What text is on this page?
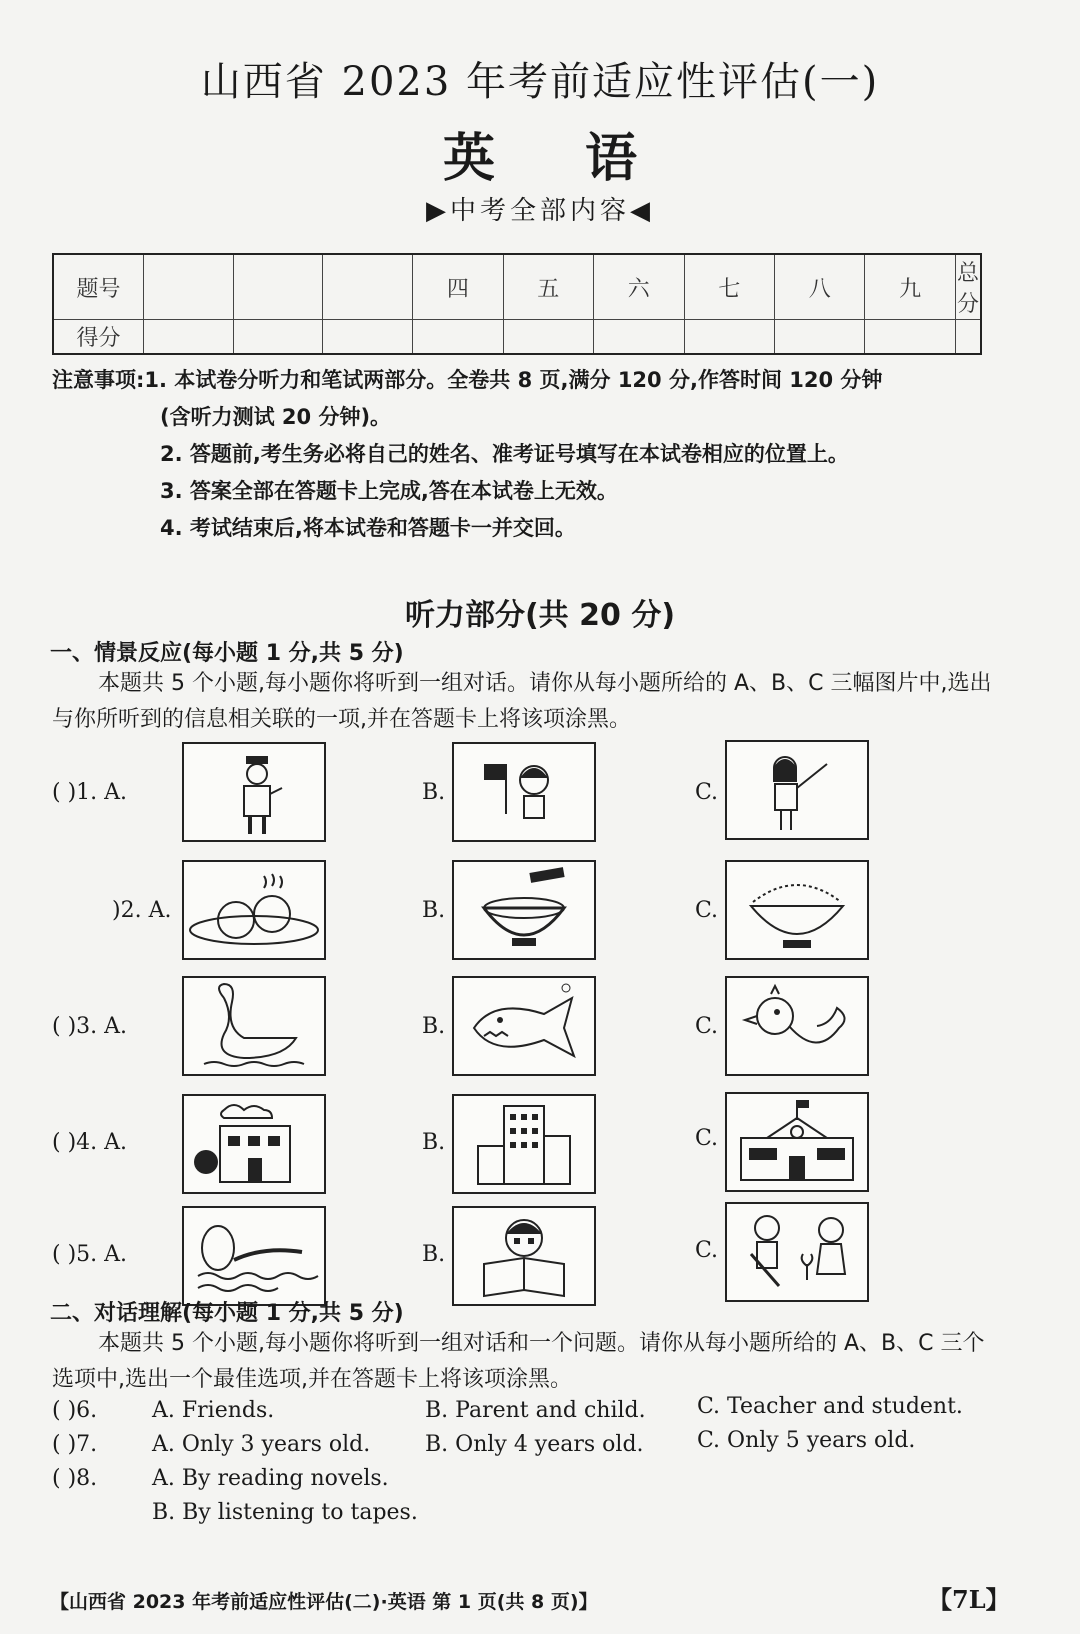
山西省 2023 年考前适应性评估(一)
英语
▶中考全部内容◀
题号				四	五	六	七	八	九	总分
得分										
注意事项:1. 本试卷分听力和笔试两部分。全卷共 8 页,满分 120 分,作答时间 120 分钟
(含听力测试 20 分钟)。
2. 答题前,考生务必将自己的姓名、准考证号填写在本试卷相应的位置上。
3. 答案全部在答题卡上完成,答在本试卷上无效。
4. 考试结束后,将本试卷和答题卡一并交回。
听力部分(共 20 分)
一、情景反应(每小题 1 分,共 5 分)
本题共 5 个小题,每小题你将听到一组对话。请你从每小题所给的 A、B、C 三幅图片中,选出与你所听到的信息相关联的一项,并在答题卡上将该项涂黑。
( )1. A.	B.	C.
)2. A.	B.	C.
( )3. A.	B.	C.
( )4. A.	B.	C.
( )5. A.	B.	C.
二、对话理解(每小题 1 分,共 5 分)
本题共 5 个小题,每小题你将听到一组对话和一个问题。请你从每小题所给的 A、B、C 三个选项中,选出一个最佳选项,并在答题卡上将该项涂黑。
( )6. A. Friends.	B. Parent and child. C. Teacher and student.
( )7. A. Only 3 years old. B. Only 4 years old. C. Only 5 years old.
( )8. A. By reading novels.
B. By listening to tapes.
【山西省 2023 年考前适应性评估(二)·英语 第 1 页(共 8 页)】	【7L】
